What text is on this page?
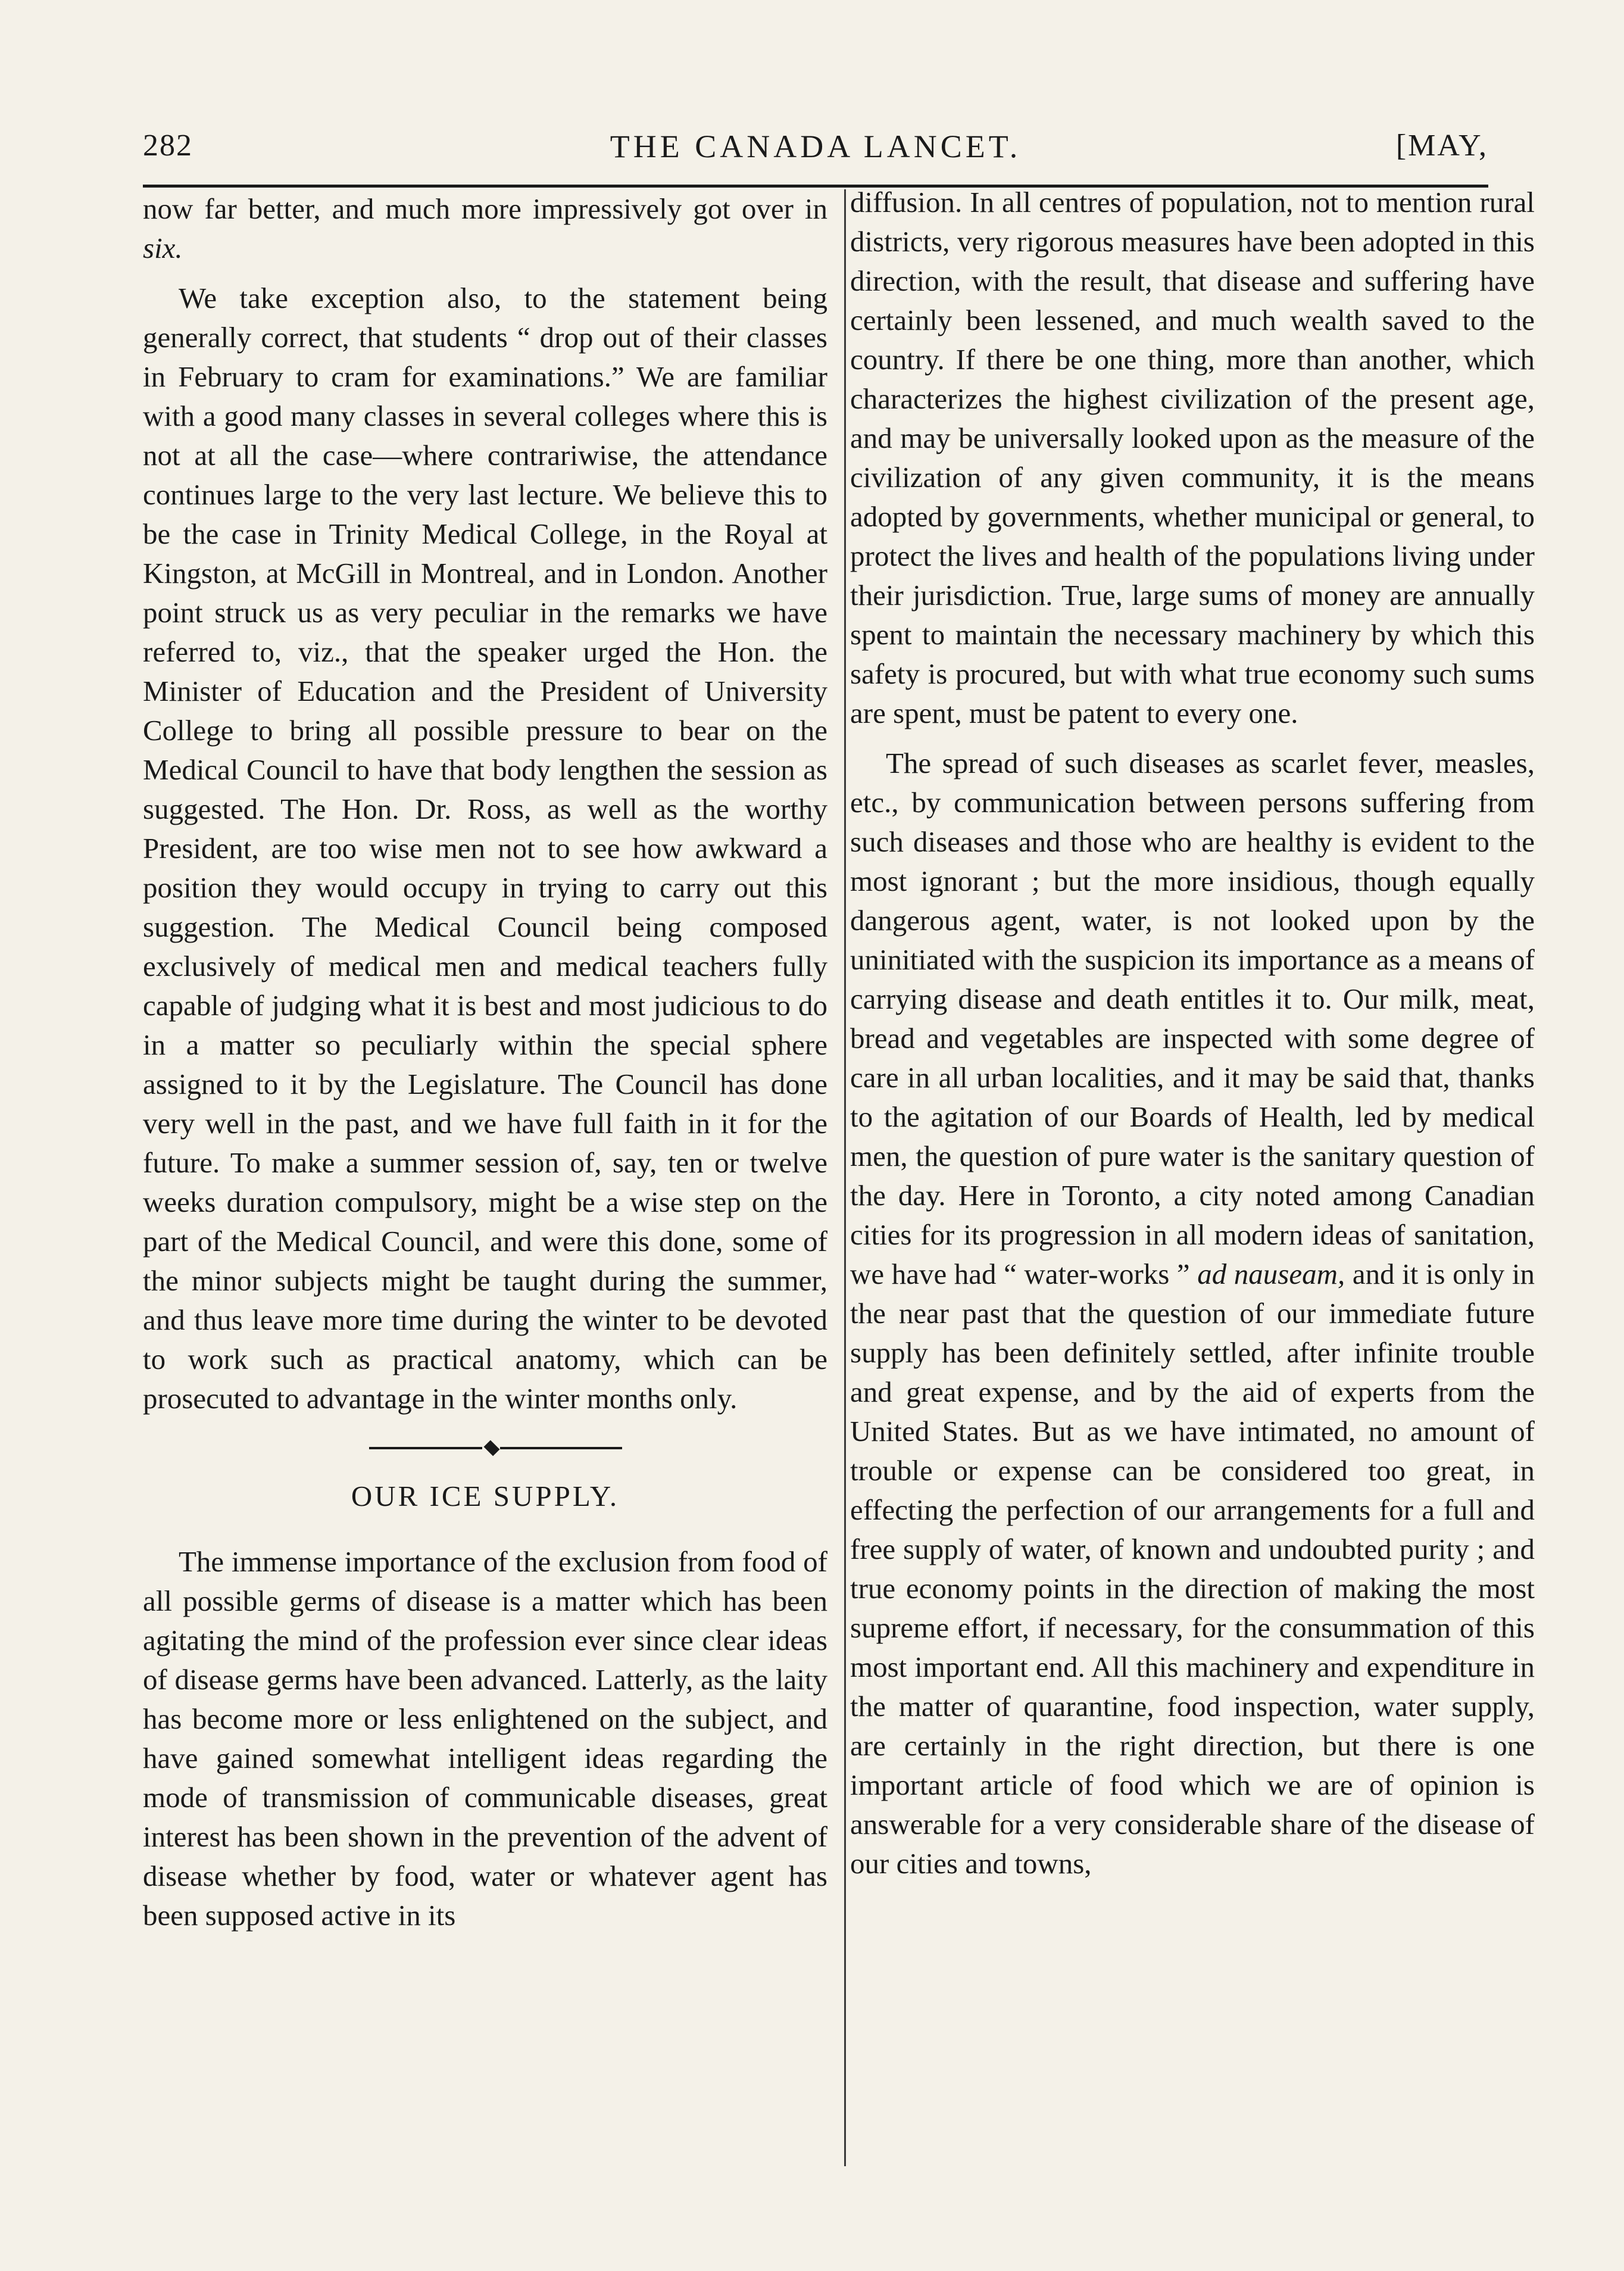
282	THE CANADA LANCET.	[MAY,

now far better, and much more impressively got over in six.

We take exception also, to the statement being generally correct, that students “ drop out of their classes in February to cram for examinations.” We are familiar with a good many classes in several colleges where this is not at all the case—where contrariwise, the attendance continues large to the very last lecture. We believe this to be the case in Trinity Medical College, in the Royal at Kingston, at McGill in Montreal, and in London. Another point struck us as very peculiar in the remarks we have referred to, viz., that the speaker urged the Hon. the Minister of Education and the President of University College to bring all possible pressure to bear on the Medical Council to have that body lengthen the session as suggested. The Hon. Dr. Ross, as well as the worthy President, are too wise men not to see how awkward a position they would occupy in trying to carry out this suggestion. The Medical Council being composed exclusively of medical men and medical teachers fully capable of judging what it is best and most judicious to do in a matter so peculiarly within the special sphere assigned to it by the Legislature. The Council has done very well in the past, and we have full faith in it for the future. To make a summer session of, say, ten or twelve weeks duration compulsory, might be a wise step on the part of the Medical Council, and were this done, some of the minor subjects might be taught during the summer, and thus leave more time during the winter to be devoted to work such as practical anatomy, which can be prosecuted to advantage in the winter months only.

OUR ICE SUPPLY.

The immense importance of the exclusion from food of all possible germs of disease is a matter which has been agitating the mind of the profession ever since clear ideas of disease germs have been advanced. Latterly, as the laity has become more or less enlightened on the subject, and have gained somewhat intelligent ideas regarding the mode of transmission of communicable diseases, great interest has been shown in the prevention of the advent of disease whether by food, water or whatever agent has been supposed active in its

diffusion. In all centres of population, not to mention rural districts, very rigorous measures have been adopted in this direction, with the result, that disease and suffering have certainly been lessened, and much wealth saved to the country. If there be one thing, more than another, which characterizes the highest civilization of the present age, and may be universally looked upon as the measure of the civilization of any given community, it is the means adopted by governments, whether municipal or general, to protect the lives and health of the populations living under their jurisdiction. True, large sums of money are annually spent to maintain the necessary machinery by which this safety is procured, but with what true economy such sums are spent, must be patent to every one.

The spread of such diseases as scarlet fever, measles, etc., by communication between persons suffering from such diseases and those who are healthy is evident to the most ignorant ; but the more insidious, though equally dangerous agent, water, is not looked upon by the uninitiated with the suspicion its importance as a means of carrying disease and death entitles it to. Our milk, meat, bread and vegetables are inspected with some degree of care in all urban localities, and it may be said that, thanks to the agitation of our Boards of Health, led by medical men, the question of pure water is the sanitary question of the day. Here in Toronto, a city noted among Canadian cities for its progression in all modern ideas of sanitation, we have had “ water-works ” ad nauseam, and it is only in the near past that the question of our immediate future supply has been definitely settled, after infinite trouble and great expense, and by the aid of experts from the United States. But as we have intimated, no amount of trouble or expense can be considered too great, in effecting the perfection of our arrangements for a full and free supply of water, of known and undoubted purity ; and true economy points in the direction of making the most supreme effort, if necessary, for the consummation of this most important end. All this machinery and expenditure in the matter of quarantine, food inspection, water supply, are certainly in the right direction, but there is one important article of food which we are of opinion is answerable for a very considerable share of the disease of our cities and towns,
